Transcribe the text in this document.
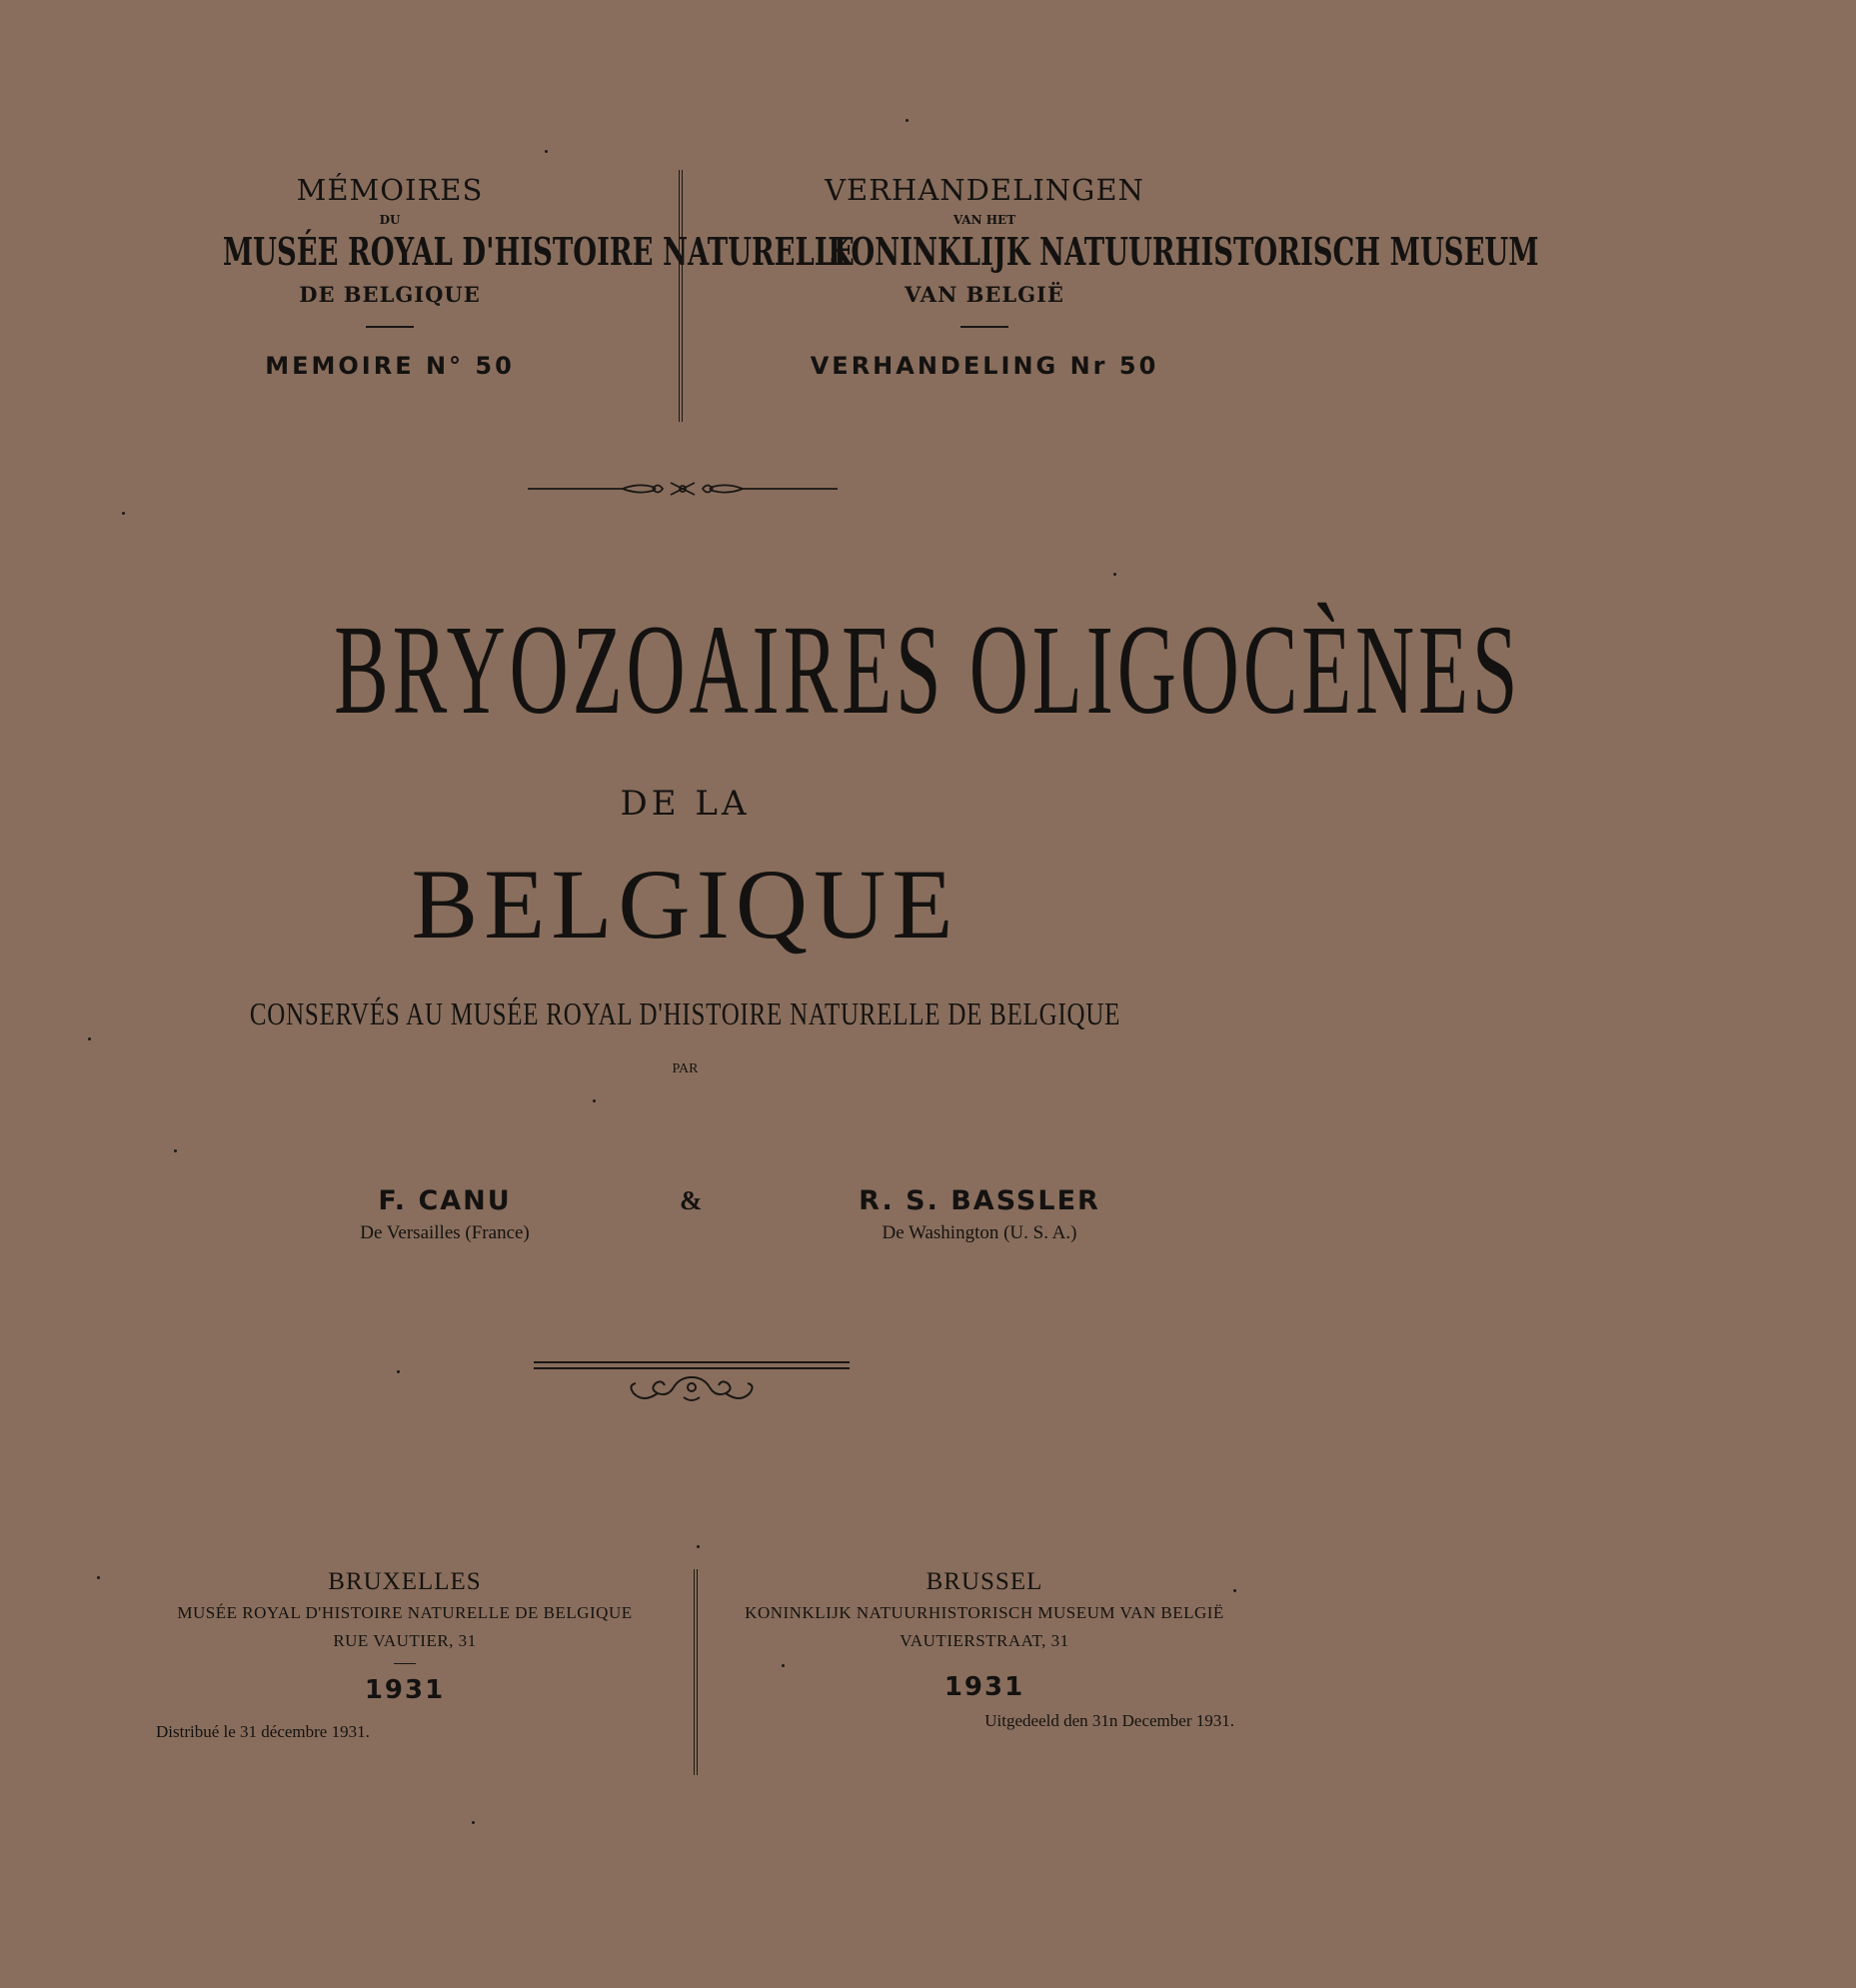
MÉMOIRES
DU
MUSÉE ROYAL D'HISTOIRE NATURELLE
DE BELGIQUE
MEMOIRE N° 50
VERHANDELINGEN
VAN HET
KONINKLIJK NATUURHISTORISCH MUSEUM
VAN BELGIË
VERHANDELING Nr 50
BRYOZOAIRES OLIGOCÈNES
DE LA
BELGIQUE
CONSERVÉS AU MUSÉE ROYAL D'HISTOIRE NATURELLE DE BELGIQUE
PAR
F. CANU
De Versailles (France)
&	R. S. BASSLER
De Washington (U. S. A.)
BRUXELLES
MUSÉE ROYAL D'HISTOIRE NATURELLE DE BELGIQUE
RUE VAUTIER, 31
1931
Distribué le 31 décembre 1931.
BRUSSEL
KONINKLIJK NATUURHISTORISCH MUSEUM VAN BELGIË
VAUTIERSTRAAT, 31
1931
Uitgedeeld den 31n December 1931.
